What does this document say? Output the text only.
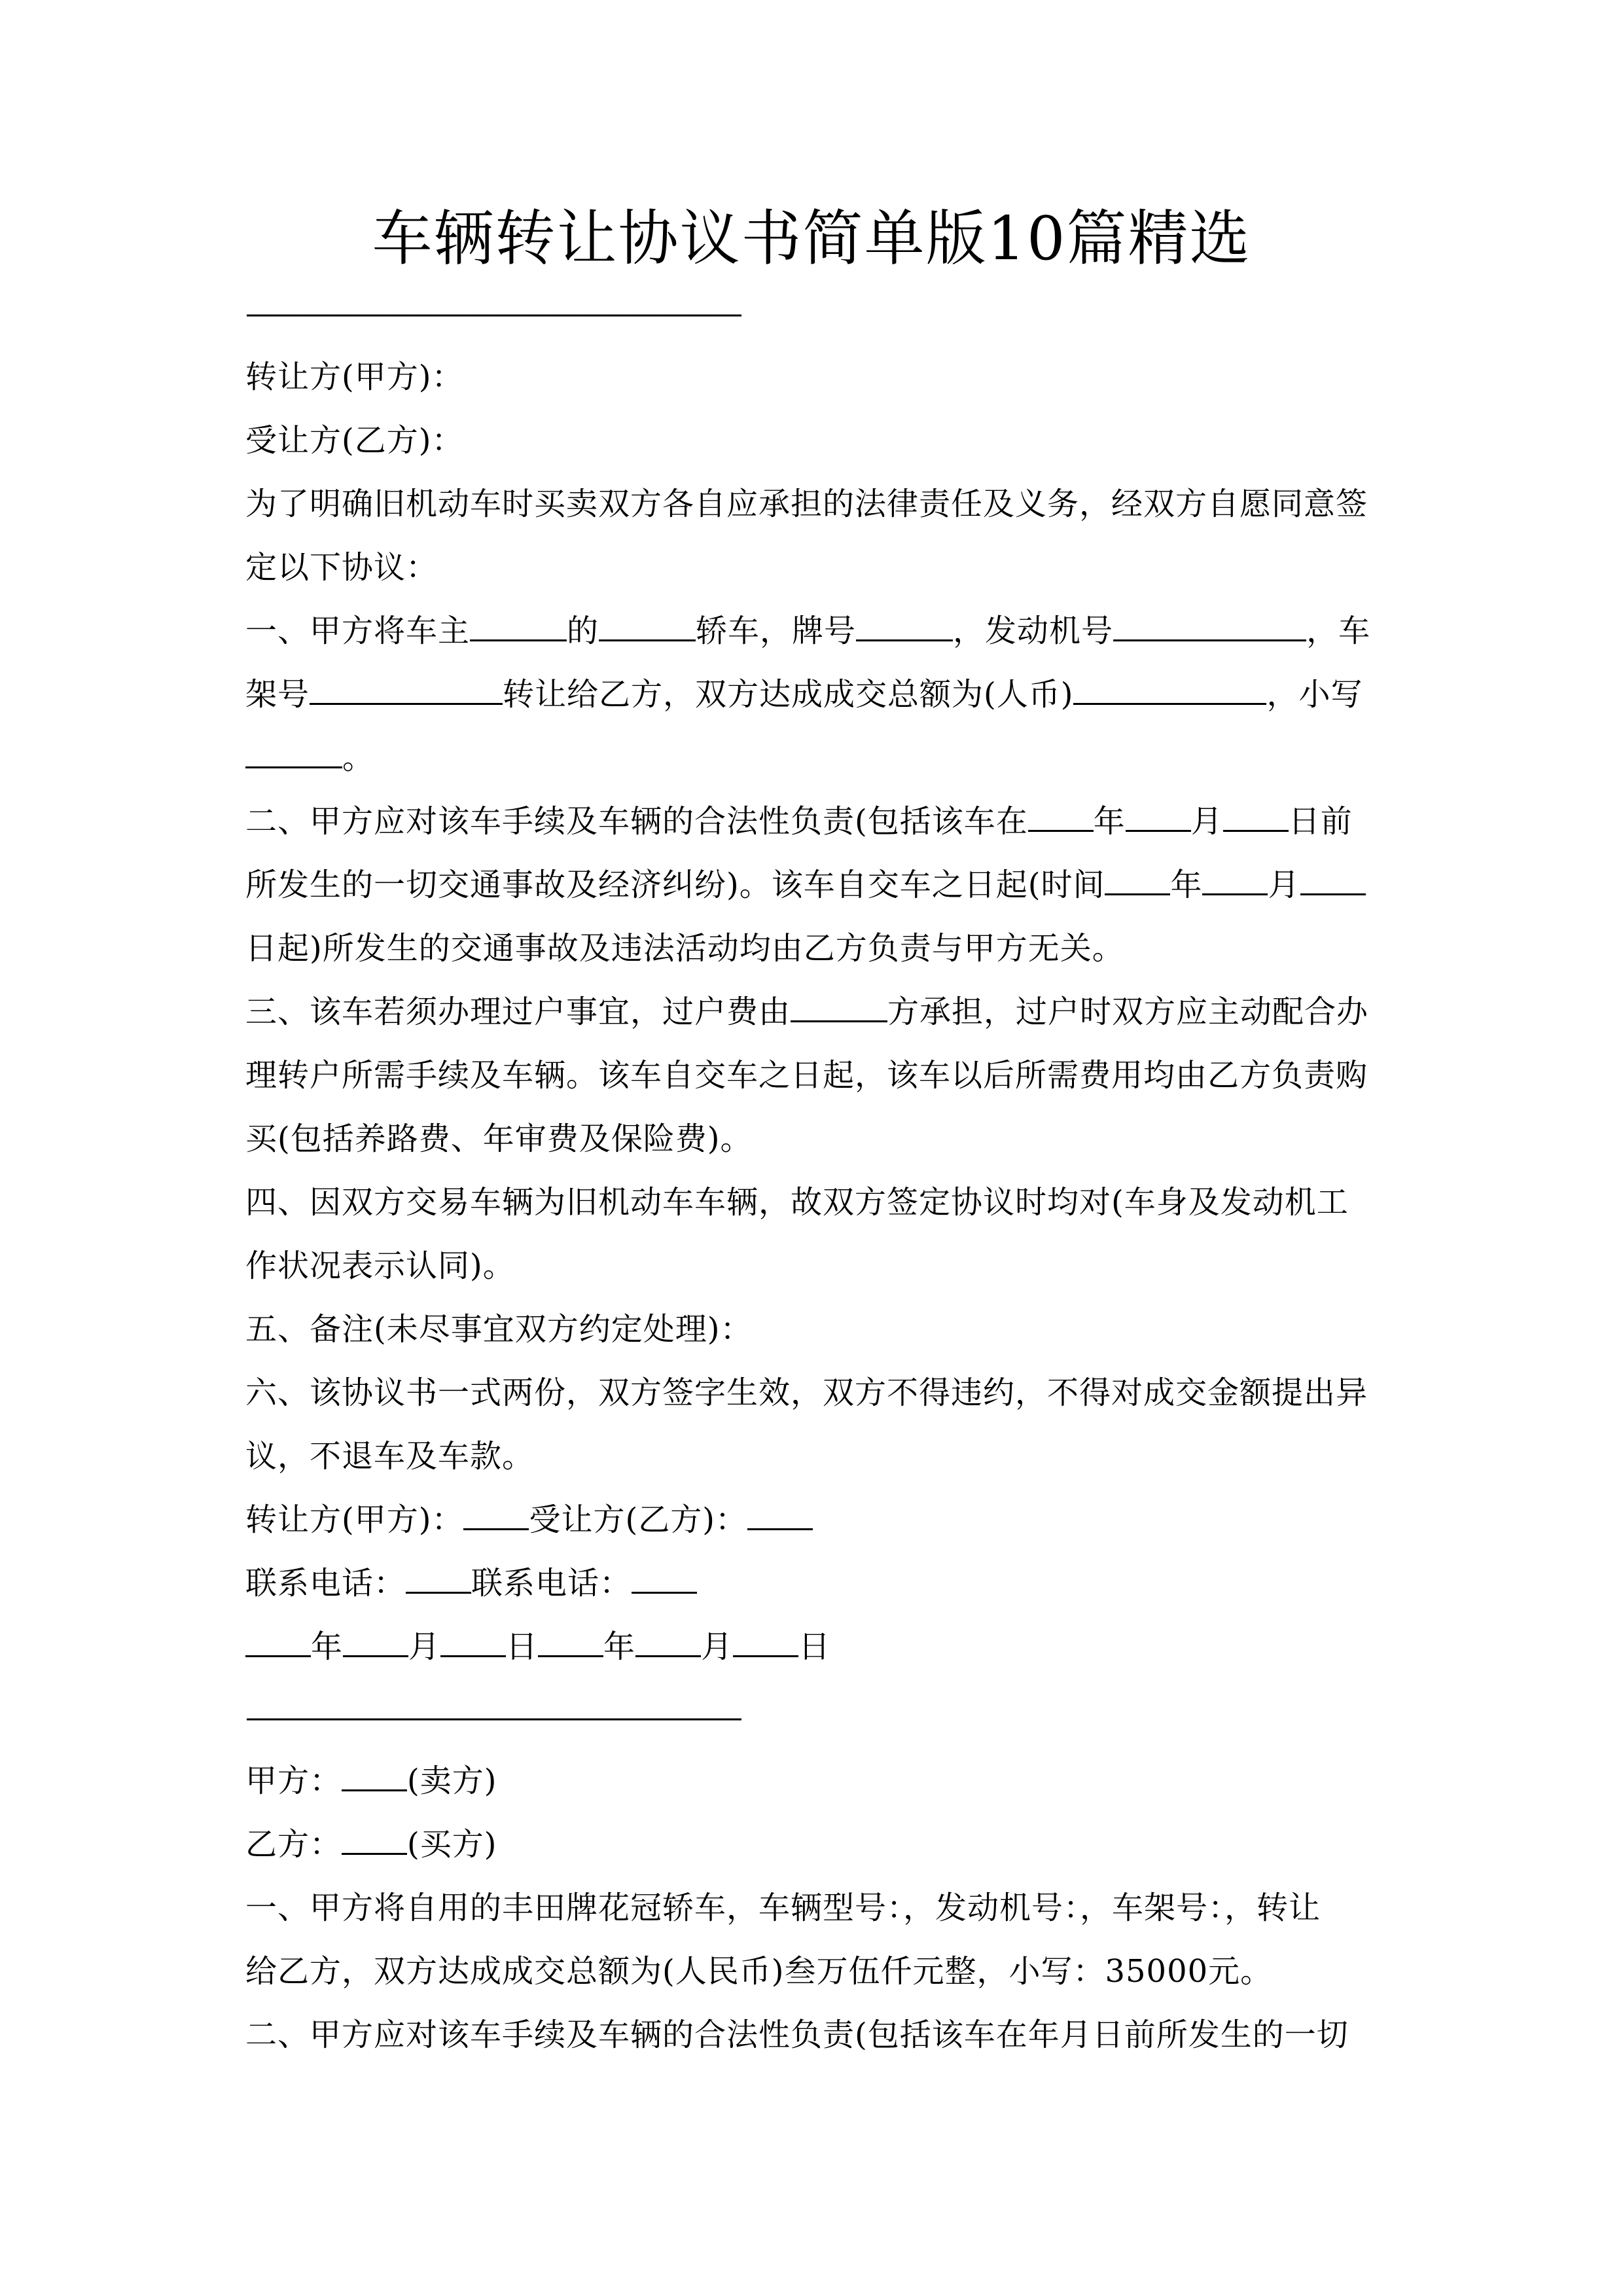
车辆转让协议书简单版10篇精选
——————————————————
转让方(甲方)：
受让方(乙方)：
为了明确旧机动车时买卖双方各自应承担的法律责任及义务，经双方自愿同意签
定以下协议：
一、甲方将车主	的	轿车，牌号	，发动机号	，车
架号	转让给乙方，双方达成成交总额为(人币)	，小写
。
二、甲方应对该车手续及车辆的合法性负责(包括该车在 年 月 日前
所发生的一切交通事故及经济纠纷)。该车自交车之日起(时间 年 月
日起)所发生的交通事故及违法活动均由乙方负责与甲方无关。
三、该车若须办理过户事宜，过户费由	方承担，过户时双方应主动配合办
理转户所需手续及车辆。该车自交车之日起，该车以后所需费用均由乙方负责购
买(包括养路费、年审费及保险费)。
四、因双方交易车辆为旧机动车车辆，故双方签定协议时均对(车身及发动机工
作状况表示认同)。
五、备注(未尽事宜双方约定处理)：
六、该协议书一式两份，双方签字生效，双方不得违约，不得对成交金额提出异
议，不退车及车款。
转让方(甲方)： 受让方(乙方)：
联系电话： 联系电话：
年 月 日 年 月 日
——————————————————
甲方： (卖方)
乙方： (买方)
一、甲方将自用的丰田牌花冠轿车，车辆型号：，发动机号：，车架号：，转让
给乙方，双方达成成交总额为(人民币)叁万伍仟元整，小写：35000元。
二、甲方应对该车手续及车辆的合法性负责(包括该车在年月日前所发生的一切
